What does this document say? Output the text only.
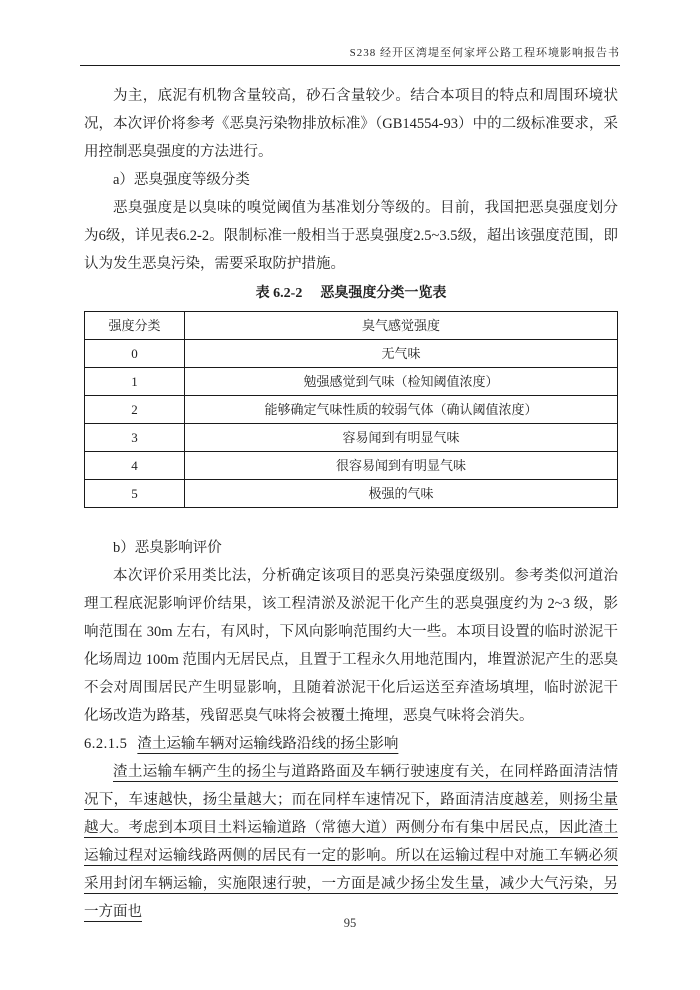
S238 经开区湾堤至何家坪公路工程环境影响报告书

为主，底泥有机物含量较高，砂石含量较少。结合本项目的特点和周围环境状况，本次评价将参考《恶臭污染物排放标准》（GB14554-93）中的二级标准要求，采用控制恶臭强度的方法进行。

a）恶臭强度等级分类

恶臭强度是以臭味的嗅觉阈值为基准划分等级的。目前，我国把恶臭强度划分为6级，详见表6.2-2。限制标准一般相当于恶臭强度2.5~3.5级，超出该强度范围，即认为发生恶臭污染，需要采取防护措施。

表 6.2-2 恶臭强度分类一览表

强度分类	臭气感觉强度
0	无气味
1	勉强感觉到气味（检知阈值浓度）
2	能够确定气味性质的较弱气体（确认阈值浓度）
3	容易闻到有明显气味
4	很容易闻到有明显气味
5	极强的气味

b）恶臭影响评价

本次评价采用类比法，分析确定该项目的恶臭污染强度级别。参考类似河道治理工程底泥影响评价结果，该工程清淤及淤泥干化产生的恶臭强度约为 2~3 级，影响范围在 30m 左右，有风时，下风向影响范围约大一些。本项目设置的临时淤泥干化场周边 100m 范围内无居民点，且置于工程永久用地范围内，堆置淤泥产生的恶臭不会对周围居民产生明显影响，且随着淤泥干化后运送至弃渣场填埋，临时淤泥干化场改造为路基，残留恶臭气味将会被覆土掩埋，恶臭气味将会消失。

6.2.1.5 渣土运输车辆对运输线路沿线的扬尘影响

渣土运输车辆产生的扬尘与道路路面及车辆行驶速度有关，在同样路面清洁情况下，车速越快，扬尘量越大；而在同样车速情况下，路面清洁度越差，则扬尘量越大。考虑到本项目土料运输道路（常德大道）两侧分布有集中居民点，因此渣土运输过程对运输线路两侧的居民有一定的影响。所以在运输过程中对施工车辆必须采用封闭车辆运输，实施限速行驶，一方面是减少扬尘发生量，减少大气污染，另一方面也

95
